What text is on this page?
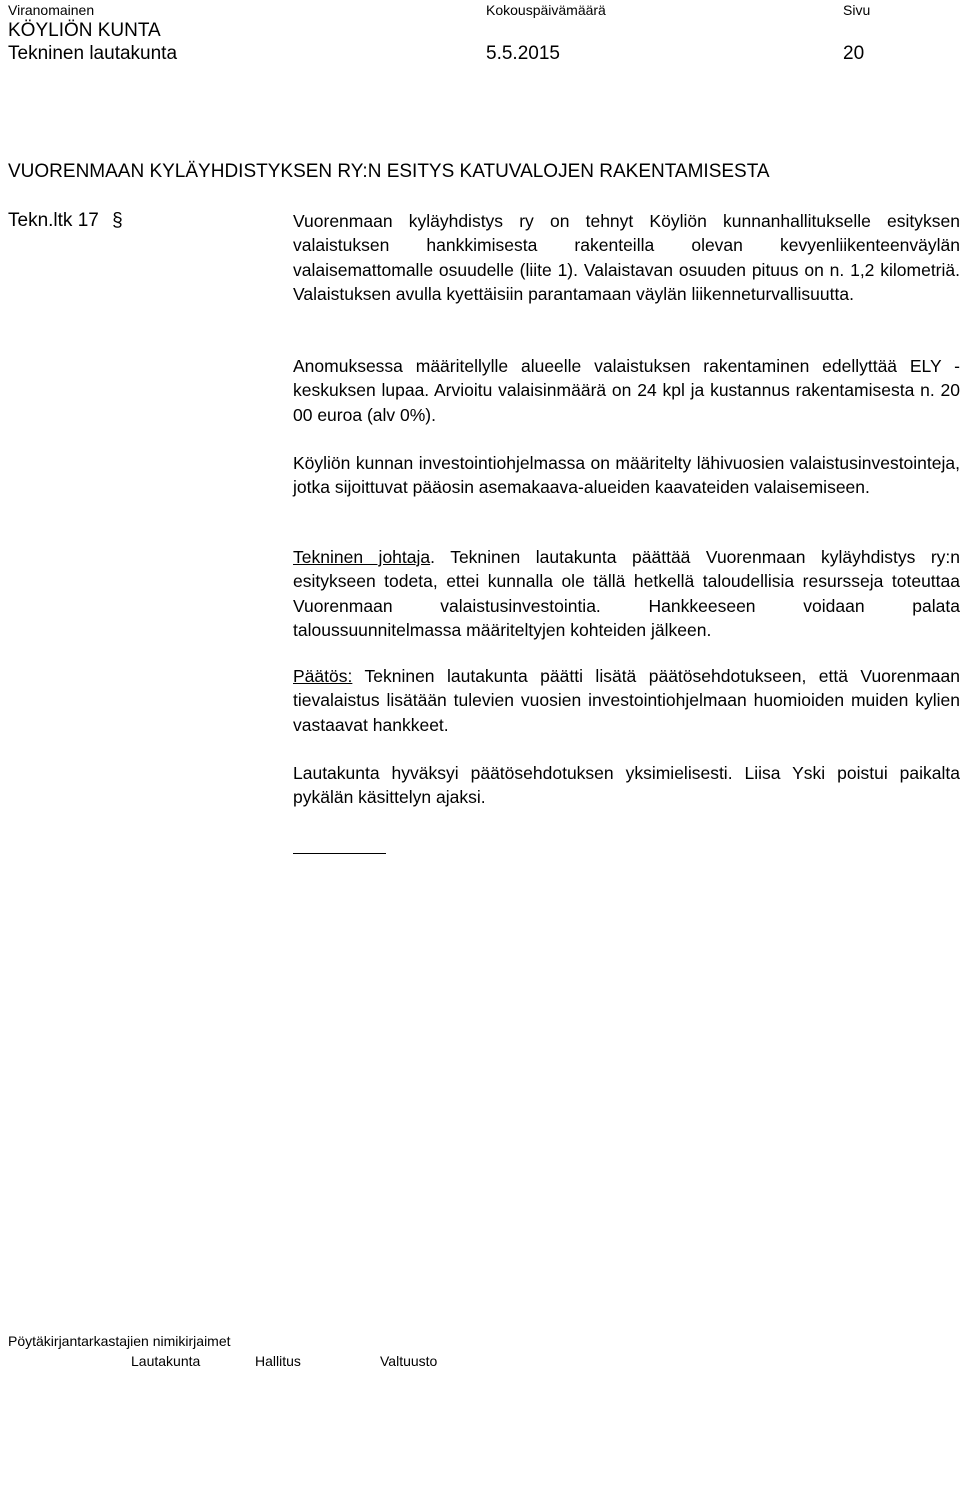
Viranomainen	Kokouspäivämäärä	Sivu
KÖYLIÖN KUNTA
Tekninen lautakunta	5.5.2015	20
VUORENMAAN KYLÄYHDISTYKSEN RY:N ESITYS KATUVALOJEN RAKENTAMISESTA
Tekn.ltk 17 §	Vuorenmaan kyläyhdistys ry on tehnyt Köyliön kunnanhallitukselle esityksen valaistuksen hankkimisesta rakenteilla olevan kevyenliikenteenväylän valaisemattomalle osuudelle (liite 1). Valaistavan osuuden pituus on n. 1,2 kilometriä. Valaistuksen avulla kyettäisiin parantamaan väylän liikenneturvallisuutta.

Anomuksessa määritellylle alueelle valaistuksen rakentaminen edellyttää ELY -keskuksen lupaa. Arvioitu valaisinmäärä on 24 kpl ja kustannus rakentamisesta n. 20 00 euroa (alv 0%).

Köyliön kunnan investointiohjelmassa on määritelty lähivuosien valaistusinvestointeja, jotka sijoittuvat pääosin asemakaava-alueiden kaavateiden valaisemiseen.

Tekninen johtaja. Tekninen lautakunta päättää Vuorenmaan kyläyhdistys ry:n esitykseen todeta, ettei kunnalla ole tällä hetkellä taloudellisia resursseja toteuttaa Vuorenmaan valaistusinvestointia. Hankkeeseen voidaan palata taloussuunnitelmassa määriteltyjen kohteiden jälkeen.

Päätös: Tekninen lautakunta päätti lisätä päätösehdotukseen, että Vuorenmaan tievalaistus lisätään tulevien vuosien investointiohjelmaan huomioiden muiden kylien vastaavat hankkeet.

Lautakunta hyväksyi päätösehdotuksen yksimielisesti. Liisa Yski poistui paikalta pykälän käsittelyn ajaksi.

Pöytäkirjantarkastajien nimikirjaimet
Lautakunta	Hallitus	Valtuusto
